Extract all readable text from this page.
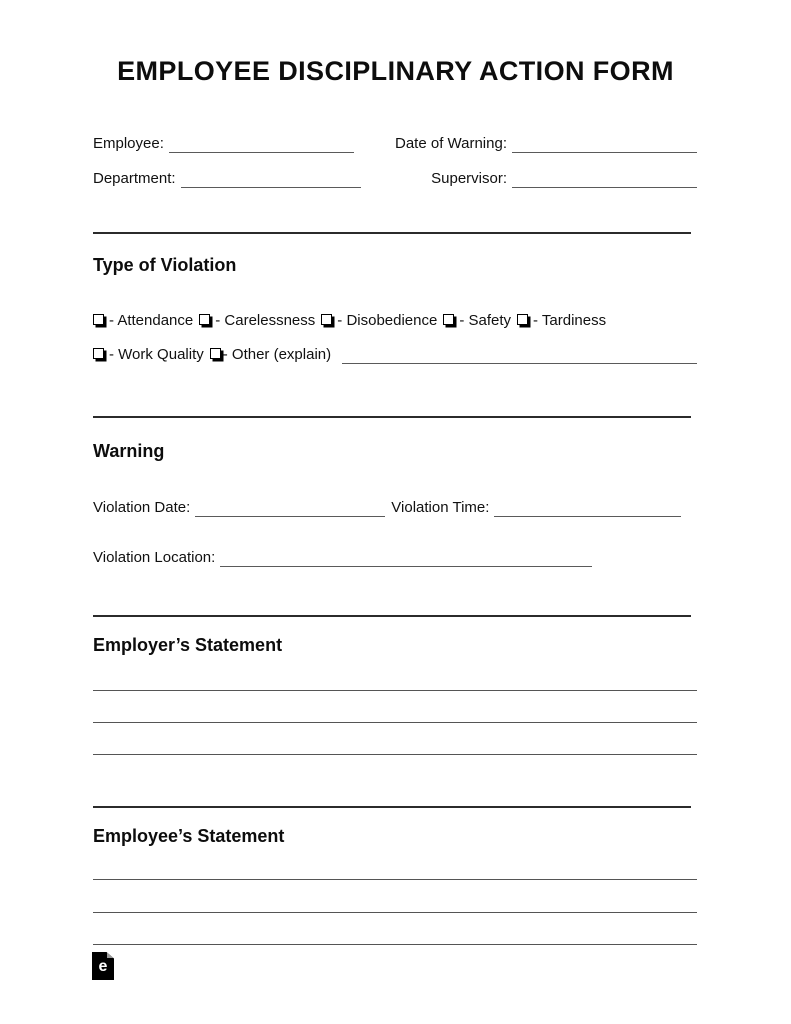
EMPLOYEE DISCIPLINARY ACTION FORM
Employee:	Date of Warning:
Department:	Supervisor:
Type of Violation
- Attendance - Carelessness - Disobedience - Safety - Tardiness
- Work Quality - Other (explain)
Warning
Violation Date:	Violation Time:
Violation Location:
Employer’s Statement
Employee’s Statement
e
